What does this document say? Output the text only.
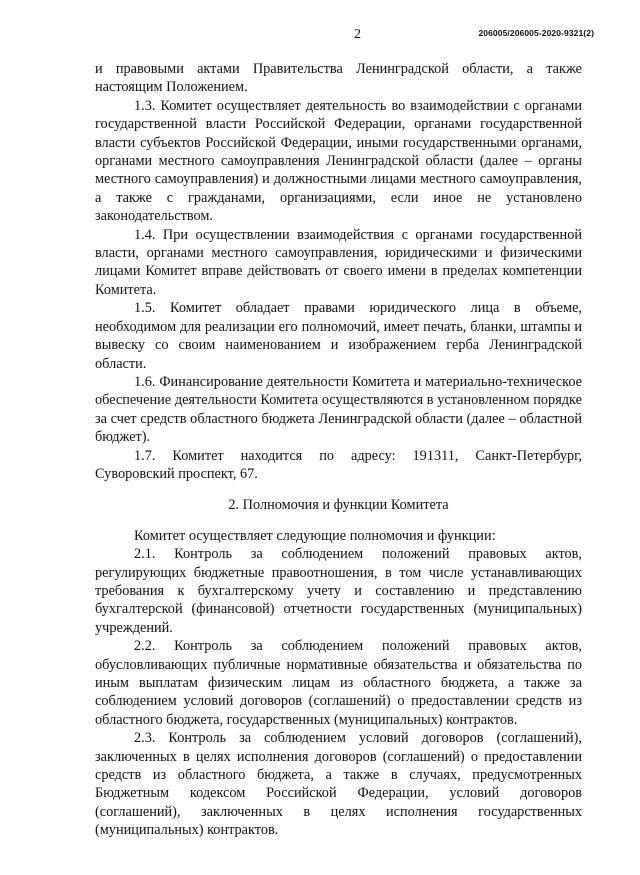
2	206005/206005-2020-9321(2)

и правовыми актами Правительства Ленинградской области, а также настоящим Положением.

1.3. Комитет осуществляет деятельность во взаимодействии с органами государственной власти Российской Федерации, органами государственной власти субъектов Российской Федерации, иными государственными органами, органами местного самоуправления Ленинградской области (далее – органы местного самоуправления) и должностными лицами местного самоуправления, а также с гражданами, организациями, если иное не установлено законодательством.

1.4. При осуществлении взаимодействия с органами государственной власти, органами местного самоуправления, юридическими и физическими лицами Комитет вправе действовать от своего имени в пределах компетенции Комитета.

1.5. Комитет обладает правами юридического лица в объеме, необходимом для реализации его полномочий, имеет печать, бланки, штампы и вывеску со своим наименованием и изображением герба Ленинградской области.

1.6. Финансирование деятельности Комитета и материально-техническое обеспечение деятельности Комитета осуществляются в установленном порядке за счет средств областного бюджета Ленинградской области (далее – областной бюджет).

1.7. Комитет находится по адресу: 191311, Санкт-Петербург, Суворовский проспект, 67.

2. Полномочия и функции Комитета

Комитет осуществляет следующие полномочия и функции:

2.1. Контроль за соблюдением положений правовых актов, регулирующих бюджетные правоотношения, в том числе устанавливающих требования к бухгалтерскому учету и составлению и представлению бухгалтерской (финансовой) отчетности государственных (муниципальных) учреждений.

2.2. Контроль за соблюдением положений правовых актов, обусловливающих публичные нормативные обязательства и обязательства по иным выплатам физическим лицам из областного бюджета, а также за соблюдением условий договоров (соглашений) о предоставлении средств из областного бюджета, государственных (муниципальных) контрактов.

2.3. Контроль за соблюдением условий договоров (соглашений), заключенных в целях исполнения договоров (соглашений) о предоставлении средств из областного бюджета, а также в случаях, предусмотренных Бюджетным кодексом Российской Федерации, условий договоров (соглашений), заключенных в целях исполнения государственных (муниципальных) контрактов.
